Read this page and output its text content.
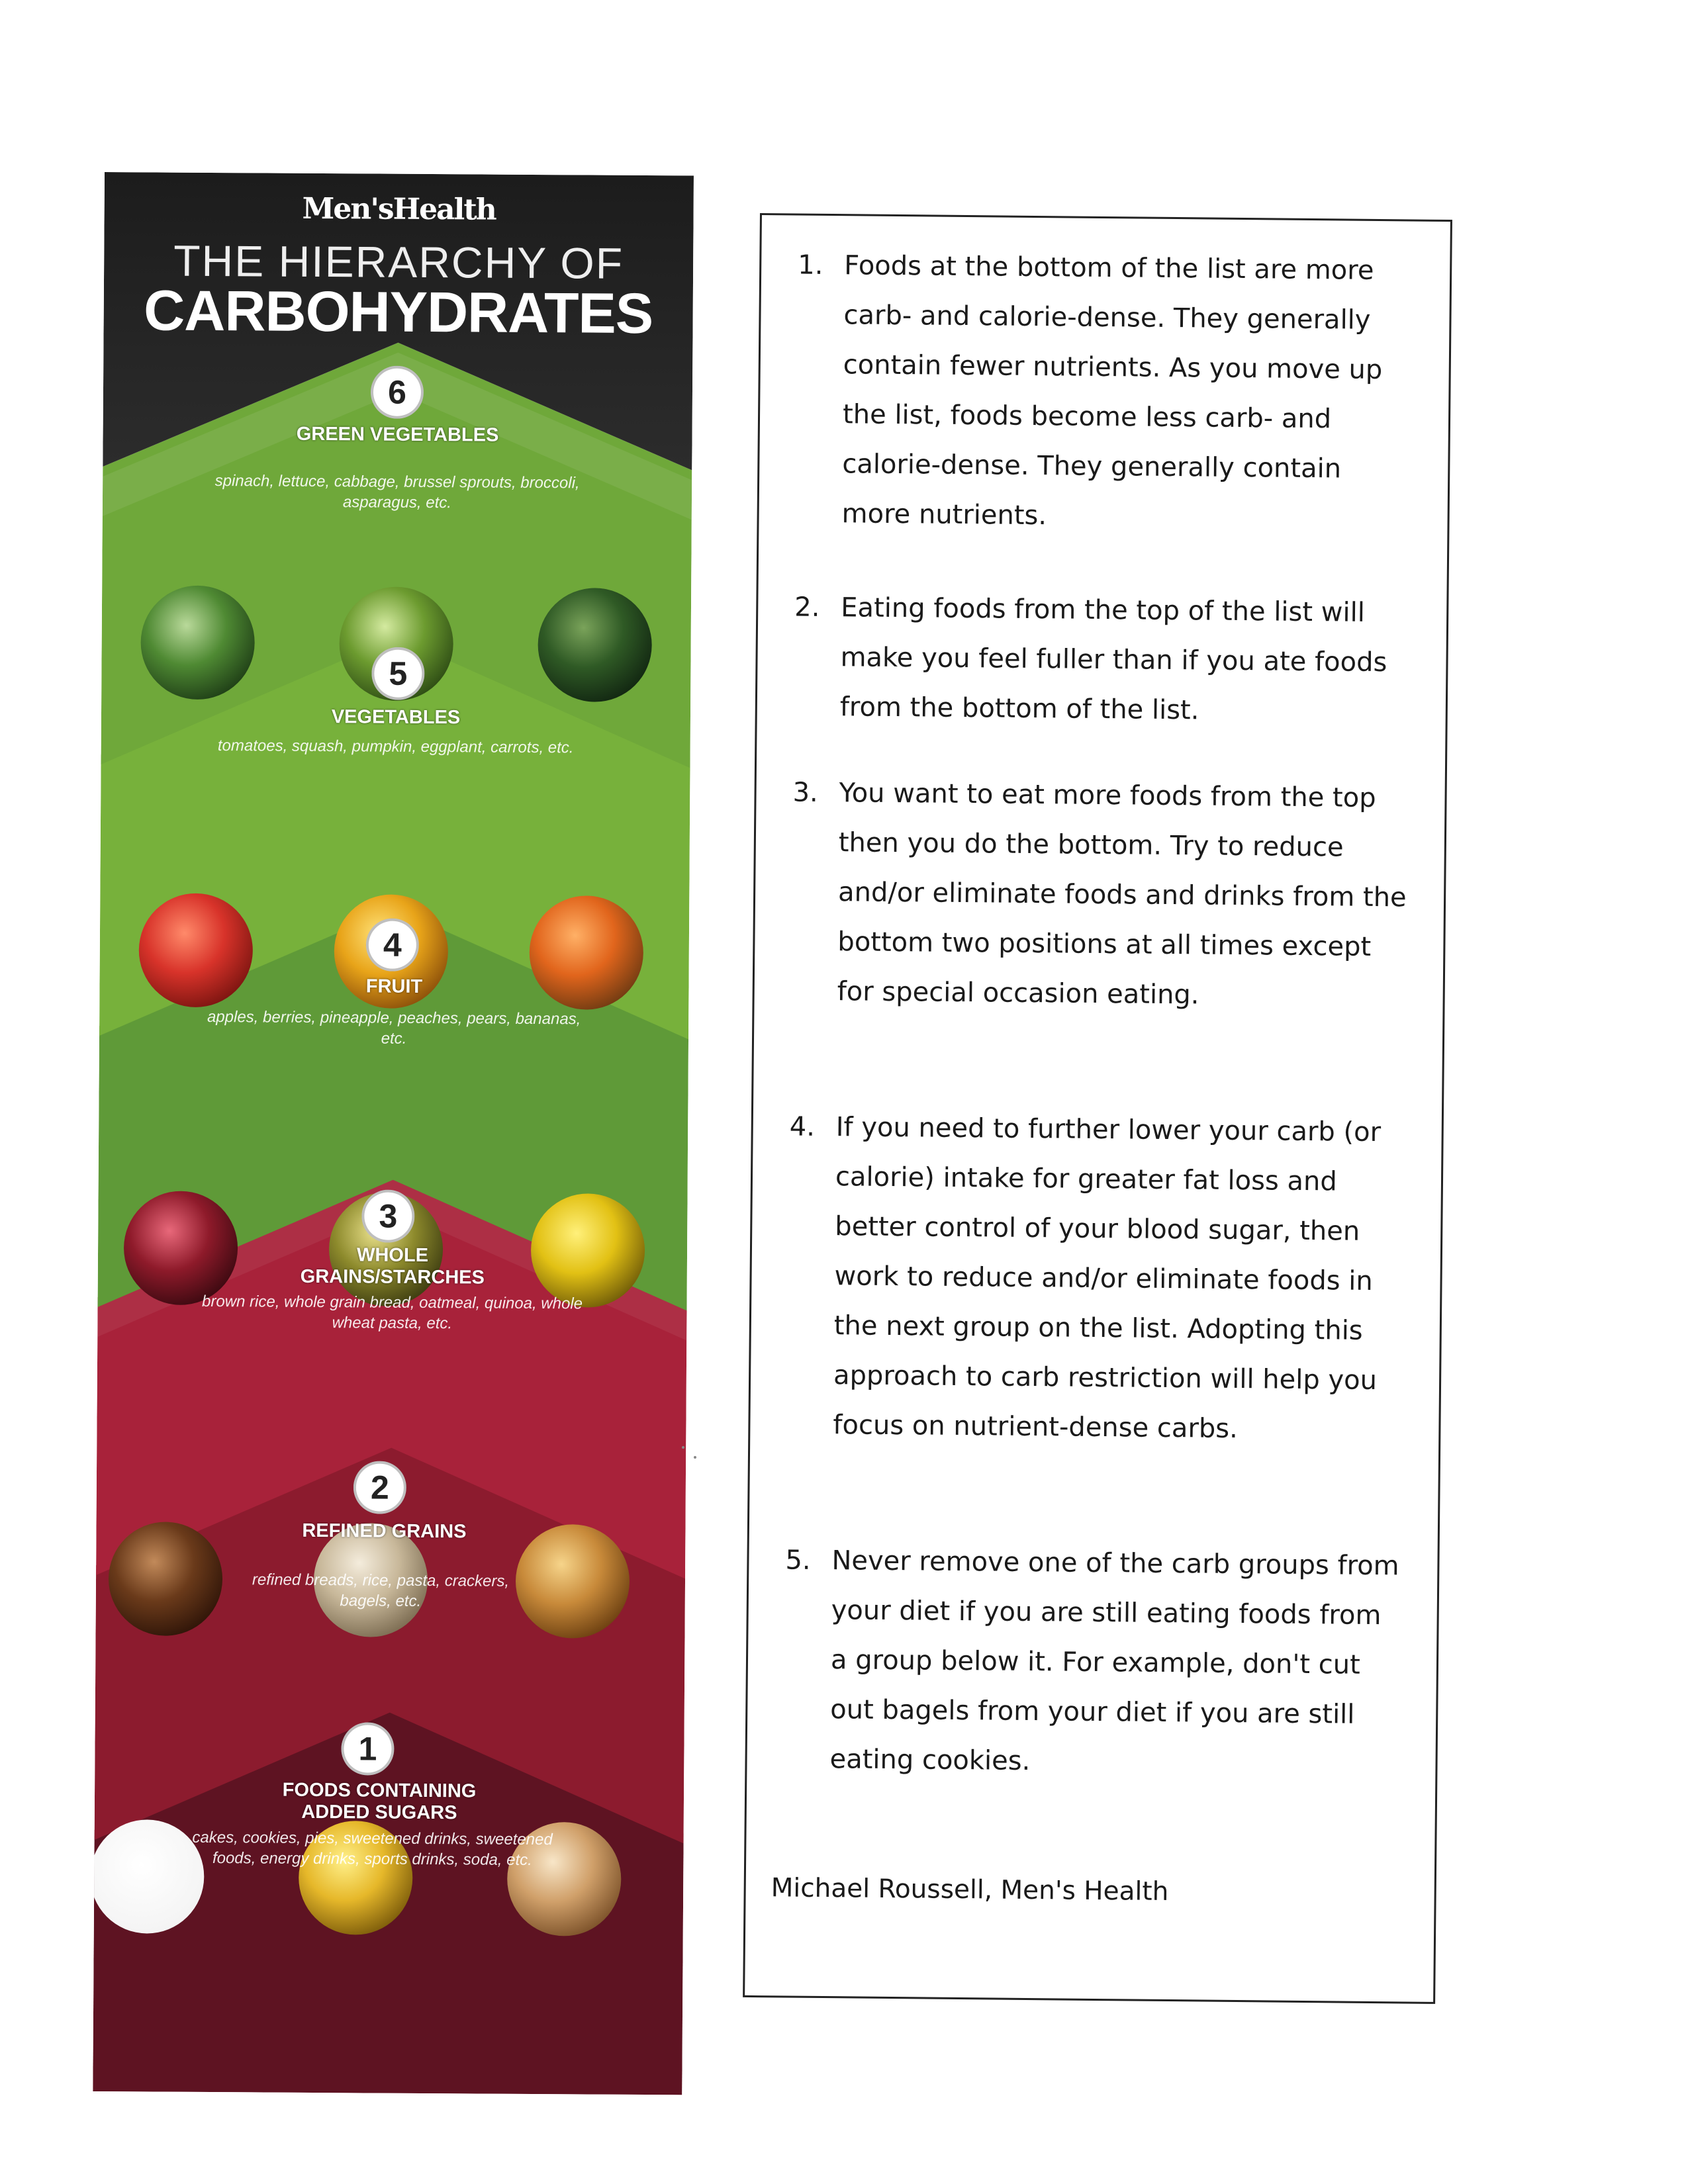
Men'sHealth
THE HIERARCHY OF
CARBOHYDRATES
6
GREEN VEGETABLES
spinach, lettuce, cabbage, brussel sprouts, broccoli, asparagus, etc.
5
VEGETABLES
tomatoes, squash, pumpkin, eggplant, carrots, etc.
4
FRUIT
apples, berries, pineapple, peaches, pears, bananas, etc.
3
WHOLE GRAINS/STARCHES
brown rice, whole grain bread, oatmeal, quinoa, whole wheat pasta, etc.
2
REFINED GRAINS
refined breads, rice, pasta, crackers, bagels, etc.
1
FOODS CONTAINING ADDED SUGARS
cakes, cookies, pies, sweetened drinks, sweetened foods, energy drinks, sports drinks, soda, etc.
1. Foods at the bottom of the list are more carb- and calorie-dense. They generally contain fewer nutrients. As you move up the list, foods become less carb- and calorie-dense. They generally contain more nutrients.
2. Eating foods from the top of the list will make you feel fuller than if you ate foods from the bottom of the list.
3. You want to eat more foods from the top then you do the bottom. Try to reduce and/or eliminate foods and drinks from the bottom two positions at all times except for special occasion eating.
4. If you need to further lower your carb (or calorie) intake for greater fat loss and better control of your blood sugar, then work to reduce and/or eliminate foods in the next group on the list. Adopting this approach to carb restriction will help you focus on nutrient-dense carbs.
5. Never remove one of the carb groups from your diet if you are still eating foods from a group below it. For example, don't cut out bagels from your diet if you are still eating cookies.
Michael Roussell, Men's Health
